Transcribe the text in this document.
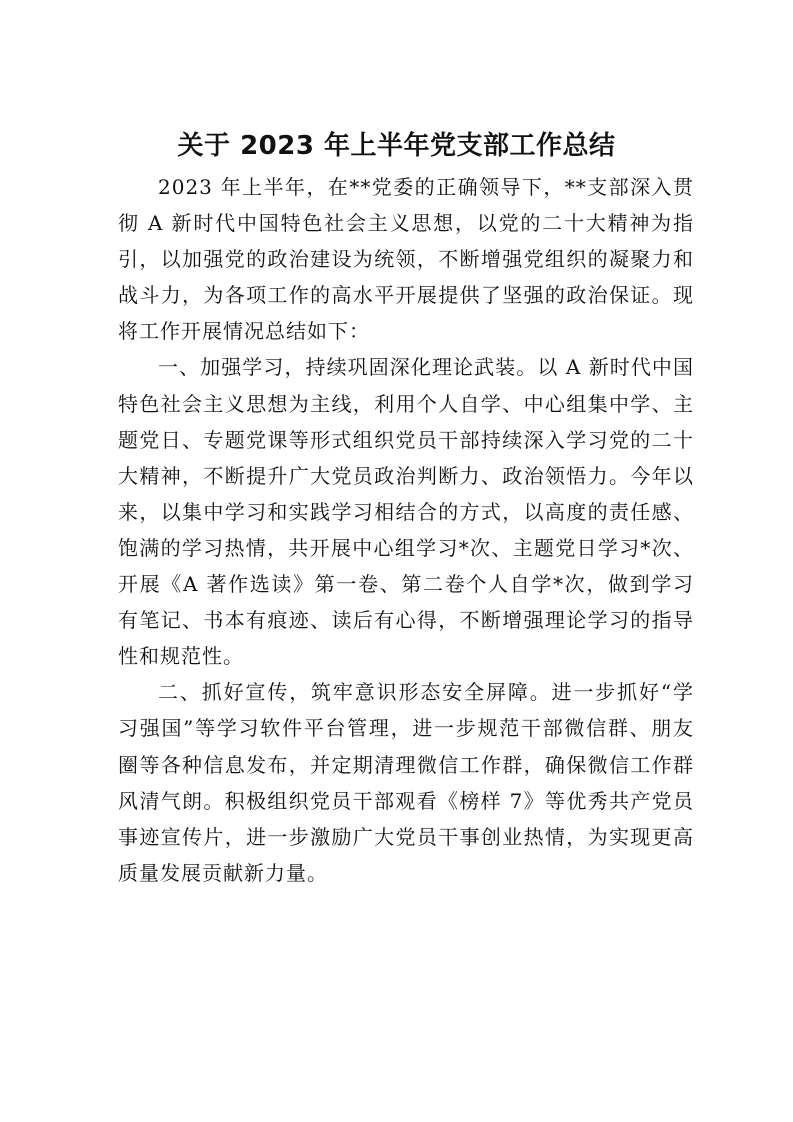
关于 2023 年上半年党支部工作总结

2023 年上半年，在**党委的正确领导下，**支部深入贯彻 A 新时代中国特色社会主义思想，以党的二十大精神为指引，以加强党的政治建设为统领，不断增强党组织的凝聚力和战斗力，为各项工作的高水平开展提供了坚强的政治保证。现将工作开展情况总结如下：

一、加强学习，持续巩固深化理论武装。以 A 新时代中国特色社会主义思想为主线，利用个人自学、中心组集中学、主题党日、专题党课等形式组织党员干部持续深入学习党的二十大精神，不断提升广大党员政治判断力、政治领悟力。今年以来，以集中学习和实践学习相结合的方式，以高度的责任感、饱满的学习热情，共开展中心组学习*次、主题党日学习*次、开展《A 著作选读》第一卷、第二卷个人自学*次，做到学习有笔记、书本有痕迹、读后有心得，不断增强理论学习的指导性和规范性。

二、抓好宣传，筑牢意识形态安全屏障。进一步抓好“学习强国”等学习软件平台管理，进一步规范干部微信群、朋友圈等各种信息发布，并定期清理微信工作群，确保微信工作群风清气朗。积极组织党员干部观看《榜样 7》等优秀共产党员事迹宣传片，进一步激励广大党员干事创业热情，为实现更高质量发展贡献新力量。
